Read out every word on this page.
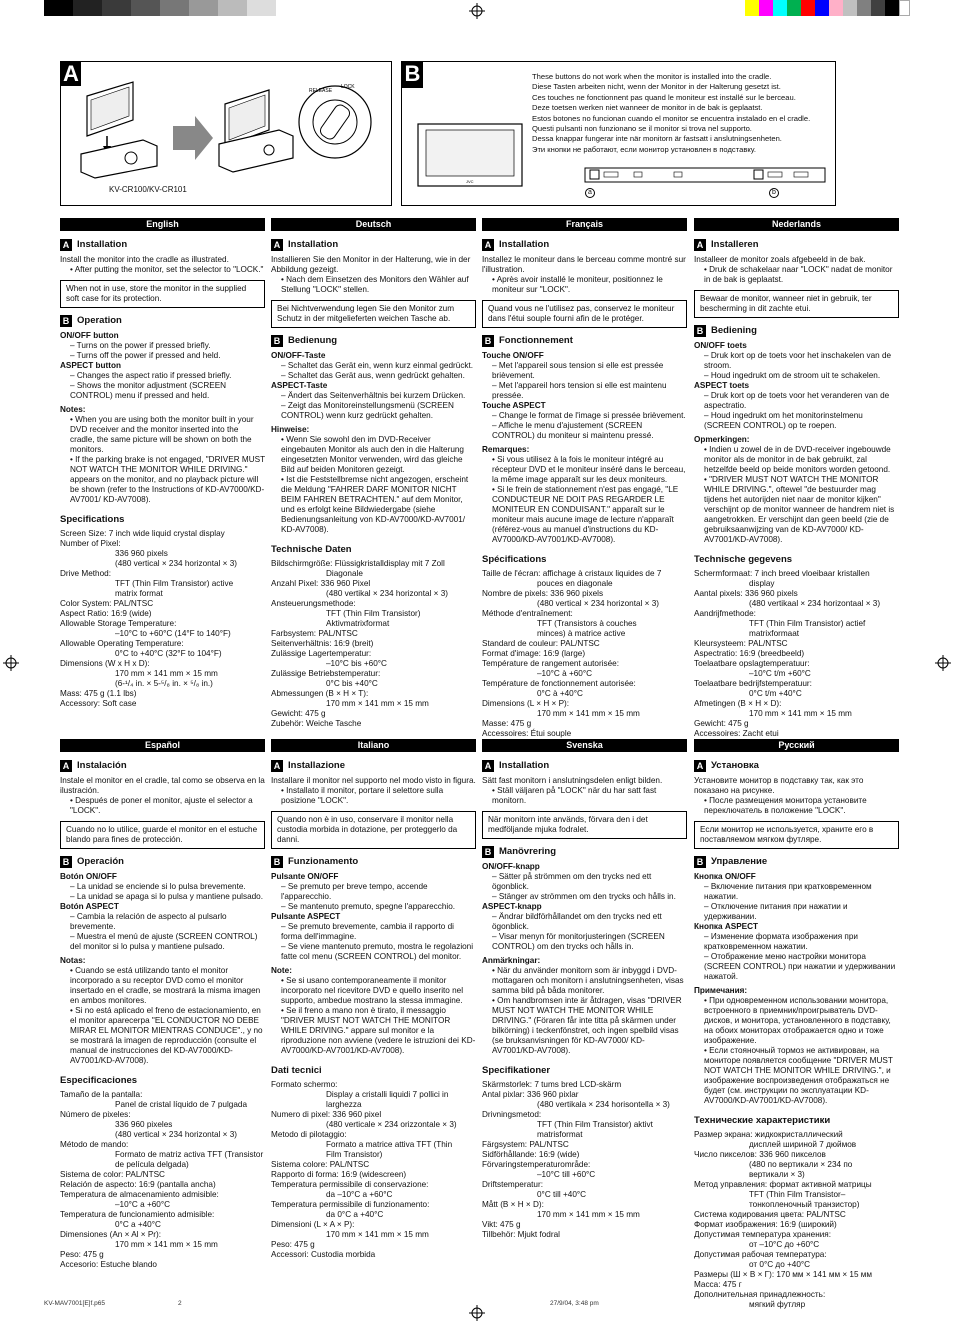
A
RELEASE
LOCK
KV-CR100/KV-CR101
B	These buttons do not work when the monitor is installed into the cradle.

Diese Tasten arbeiten nicht, wenn der Monitor in der Halterung gesetzt ist.

Ces touches ne fonctionnent pas quand le moniteur est installé sur le berceau.

Deze toetsen werken niet wanneer de monitor in de bak is geplaatst.

Estos botones no funcionan cuando el monitor se encuentra instalado en el cradle.

Questi pulsanti non funzionano se il monitor si trova nel supporto.

Dessa knappar fungerar inte när monitorn är fastsatt i anslutningsenheten.

Эти кнопки не работают, если монитор установлен в подставку.

JVC
a	b
English
A Installation

Install the monitor into the cradle as illustrated.

• After putting the monitor, set the selector to "LOCK."

When not in use, store the monitor in the supplied soft case for its protection.
B Operation

ON/OFF button

– Turns on the power if pressed briefly.

– Turns off the power if pressed and held.

ASPECT button

– Changes the aspect ratio if pressed briefly.

– Shows the monitor adjustment (SCREEN CONTROL) menu if pressed and held.

Notes:

• When you are using both the monitor built in your DVD receiver and the monitor inserted into the cradle, the same picture will be shown on both the monitors.

• If the parking brake is not engaged, "DRIVER MUST NOT WATCH THE MONITOR WHILE DRIVING." appears on the monitor, and no playback picture will be shown (refer to the Instructions of KD-AV7000/KD-AV7001/ KD-AV7008).

Specifications

Screen Size: 7 inch wide liquid crystal display

Number of Pixel:

336 960 pixels

(480 vertical × 234 horizontal × 3)

Drive Method:

TFT (Thin Film Transistor) active

matrix format

Color System: PAL/NTSC

Aspect Ratio: 16:9 (wide)

Allowable Storage Temperature:

–10°C to +60°C (14°F to 140°F)

Allowable Operating Temperature:

0°C to +40°C (32°F to 104°F)

Dimensions (W x H x D):

170 mm × 141 mm × 15 mm

(6-¹/₄ in. × 5-⁵/₈ in. × ⁵/₈ in.)

Mass: 475 g (1.1 lbs)

Accessory: Soft case

Deutsch
A Installation

Installieren Sie den Monitor in der Halterung, wie in der Abbildung gezeigt.

• Nach dem Einsetzen des Monitors den Wähler auf Stellung "LOCK" stellen.

Bei Nichtverwendung legen Sie den Monitor zum Schutz in der mitgelieferten weichen Tasche ab.
B Bedienung

ON/OFF-Taste

– Schaltet das Gerät ein, wenn kurz einmal gedrückt.

– Schaltet das Gerät aus, wenn gedrückt gehalten.

ASPECT-Taste

– Ändert das Seitenverhältnis bei kurzem Drücken.

– Zeigt das Monitoreinstellungsmenü (SCREEN CONTROL) wenn kurz gedrückt gehalten.

Hinweise:

• Wenn Sie sowohl den im DVD-Receiver eingebauten Monitor als auch den in die Halterung eingesetzten Monitor verwenden, wird das gleiche Bild auf beiden Monitoren gezeigt.

• Ist die Feststellbremse nicht angezogen, erscheint die Meldung "FAHRER DARF MONITOR NICHT BEIM FAHREN BETRACHTEN." auf dem Monitor, und es erfolgt keine Bildwiedergabe (siehe Bedienungsanleitung von KD-AV7000/KD-AV7001/ KD-AV7008).

Technische Daten

Bildschirmgröße: Flüssigkristalldisplay mit 7 Zoll

Diagonale

Anzahl Pixel: 336 960 Pixel

(480 vertikal × 234 horizontal × 3)

Ansteuerungsmethode:

TFT (Thin Film Transistor)

Aktivmatrixformat

Farbsystem: PAL/NTSC

Seitenverhältnis: 16:9 (breit)

Zulässige Lagertemperatur:

–10°C bis +60°C

Zulässige Betriebstemperatur:

0°C bis +40°C

Abmessungen (B × H × T):

170 mm × 141 mm × 15 mm

Gewicht: 475 g

Zubehör: Weiche Tasche

Français
A Installation

Installez le moniteur dans le berceau comme montré sur l'illustration.

• Après avoir installé le moniteur, positionnez le moniteur sur "LOCK".

Quand vous ne l'utilisez pas, conservez le moniteur dans l'étui souple fourni afin de le protéger.
B Fonctionnement

Touche ON/OFF

– Met l'appareil sous tension si elle est pressée brièvement.

– Met l'appareil hors tension si elle est maintenu pressée.

Touche ASPECT

– Change le format de l'image si pressée brièvement.

– Affiche le menu d'ajustement (SCREEN CONTROL) du moniteur si maintenu pressé.

Remarques:

• Si vous utilisez à la fois le moniteur intégré au récepteur DVD et le moniteur inséré dans le berceau, la même image apparaît sur les deux moniteurs.

• Si le frein de stationnement n'est pas engagé, "LE CONDUCTEUR NE DOIT PAS REGARDER LE MONITEUR EN CONDUISANT." apparaît sur le moniteur mais aucune image de lecture n'apparaît (référez-vous au manuel d'instructions du KD-AV7000/KD-AV7001/KD-AV7008).

Spécifications

Taille de l'écran: affichage à cristaux liquides de 7

pouces en diagonale

Nombre de pixels: 336 960 pixels

(480 vertical × 234 horizontal × 3)

Méthode d'entraînement:

TFT (Transistors à couches

minces) à matrice active

Standard de couleur: PAL/NTSC

Format d'image: 16:9 (large)

Température de rangement autorisée:

–10°C à +60°C

Température de fonctionnement autorisée:

0°C à +40°C

Dimensions (L × H × P):

170 mm × 141 mm × 15 mm

Masse: 475 g

Accessoires: Étui souple

Nederlands
A Installeren

Installeer de monitor zoals afgebeeld in de bak.

• Druk de schakelaar naar "LOCK" nadat de monitor in de bak is geplaatst.

Bewaar de monitor, wanneer niet in gebruik, ter bescherming in dit zachte etui.
B Bediening

ON/OFF toets

– Druk kort op de toets voor het inschakelen van de stroom.

– Houd ingedrukt om de stroom uit te schakelen.

ASPECT toets

– Druk kort op de toets voor het veranderen van de aspectratio.

– Houd ingedrukt om het monitorinstelmenu (SCREEN CONTROL) op te roepen.

Opmerkingen:

• Indien u zowel de in de DVD-receiver ingebouwde monitor als de monitor in de bak gebruikt, zal hetzelfde beeld op beide monitors worden getoond.

• "DRIVER MUST NOT WATCH THE MONITOR WHILE DRIVING.", oftewel "de bestuurder mag tijdens het autorijden niet naar de monitor kijken" verschijnt op de monitor wanneer de handrem niet is aangetrokken. Er verschijnt dan geen beeld (zie de gebruiksaanwijzing van de KD-AV7000/ KD-AV7001/KD-AV7008).

Technische gegevens

Schermformaat: 7 inch breed vloeibaar kristallen

display

Aantal pixels: 336 960 pixels

(480 vertikaal × 234 horizontaal × 3)

Aandrijfmethode:

TFT (Thin Film Transistor) actief

matrixformaat

Kleursysteem: PAL/NTSC

Aspectratio: 16:9 (breedbeeld)

Toelaatbare opslagtemperatuur:

–10°C t/m +60°C

Toelaatbare bedrijfstemperatuur:

0°C t/m +40°C

Afmetingen (B × H × D):

170 mm × 141 mm × 15 mm

Gewicht: 475 g

Accessoires: Zacht etui

Español
A Instalación

Instale el monitor en el cradle, tal como se observa en la ilustración.

• Después de poner el monitor, ajuste el selector a "LOCK".

Cuando no lo utilice, guarde el monitor en el estuche blando para fines de protección.
B Operación

Botón ON/OFF

– La unidad se enciende si lo pulsa brevemente.

– La unidad se apaga si lo pulsa y mantiene pulsado.

Botón ASPECT

– Cambia la relación de aspecto al pulsarlo brevemente.

– Muestra el menú de ajuste (SCREEN CONTROL) del monitor si lo pulsa y mantiene pulsado.

Notas:

• Cuando se está utilizando tanto el monitor incorporado a su receptor DVD como el monitor insertado en el cradle, se mostrará la misma imagen en ambos monitores.

• Si no está aplicado el freno de estacionamiento, en el monitor aparecerpa "EL CONDUCTOR NO DEBE MIRAR EL MONITOR MIENTRAS CONDUCE"., y no se mostrará la imagen de reproducción (consulte el manual de instrucciones del KD-AV7000/KD-AV7001/KD-AV7008).

Especificaciones

Tamaño de la pantalla:

Panel de cristal líquido de 7 pulgada

Número de pixeles:

336 960 pixeles

(480 vertical × 234 horizontal × 3)

Método de mando:

Formato de matriz activa TFT (Transistor

de película delgada)

Sistema de color: PAL/NTSC

Relación de aspecto: 16:9 (pantalla ancha)

Temperatura de almacenamiento admisible:

–10°C a +60°C

Temperatura de funcionamiento admisible:

0°C a +40°C

Dimensiones (An × Al × Pr):

170 mm × 141 mm × 15 mm

Peso: 475 g

Accesorio: Estuche blando

Italiano
A Installazione

Installare il monitor nel supporto nel modo visto in figura.

• Installato il monitor, portare il selettore sulla posizione "LOCK".

Quando non è in uso, conservare il monitor nella custodia morbida in dotazione, per proteggerlo da danni.
B Funzionamento

Pulsante ON/OFF

– Se premuto per breve tempo, accende l'apparecchio.

– Se mantenuto premuto, spegne l'apparecchio.

Pulsante ASPECT

– Se premuto brevemente, cambia il rapporto di forma dell'immagine.

– Se viene mantenuto premuto, mostra le regolazioni fatte col menu (SCREEN CONTROL) del monitor.

Note:

• Se si usano contemporaneamente il monitor incorporato nel ricevitore DVD e quello inserito nel supporto, ambedue mostrano la stessa immagine.

• Se il freno a mano non è tirato, il messaggio "DRIVER MUST NOT WATCH THE MONITOR WHILE DRIVING." appare sul monitor e la riproduzione non avviene (vedere le istruzioni dei KD-AV7000/KD-AV7001/KD-AV7008).

Dati tecnici

Formato schermo:

Display a cristalli liquidi 7 pollici in

larghezza

Numero di pixel: 336 960 pixel

(480 verticale × 234 orizzontale × 3)

Metodo di pilotaggio:

Formato a matrice attiva TFT (Thin

Film Transistor)

Sistema colore: PAL/NTSC

Rapporto di forma: 16:9 (widescreen)

Temperatura permissibile di conservazione:

da –10°C a +60°C

Temperatura permissibile di funzionamento:

da 0°C a +40°C

Dimensioni (L × A × P):

170 mm × 141 mm × 15 mm

Peso: 475 g

Accessori: Custodia morbida

Svenska
A Installation

Sätt fast monitorn i anslutningsdelen enligt bilden.

• Ställ väljaren på "LOCK" när du har satt fast monitorn.

När monitorn inte används, förvara den i det medföljande mjuka fodralet.
B Manövrering

ON/OFF-knapp

– Sätter på strömmen om den trycks ned ett ögonblick.

– Stänger av strömmen om den trycks och hålls in.

ASPECT-knapp

– Ändrar bildförhållandet om den trycks ned ett ögonblick.

– Visar menyn för monitorjusteringen (SCREEN CONTROL) om den trycks och hålls in.

Anmärkningar:

• När du använder monitorn som är inbyggd i DVD-mottagaren och monitorn i anslutningsenheten, visas samma bild på båda monitorer.

• Om handbromsen inte är åtdragen, visas "DRIVER MUST NOT WATCH THE MONITOR WHILE DRIVING." (Föraren får inte titta på skärmen under bilkörning) i teckenfönstret, och ingen spelbild visas (se bruksanvisningen för KD-AV7000/ KD-AV7001/KD-AV7008).

Specifikationer

Skärmstorlek: 7 tums bred LCD-skärm

Antal pixlar: 336 960 pixlar

(480 vertikala × 234 horisontella × 3)

Drivningsmetod:

TFT (Thin Film Transistor) aktivt

matrisformat

Färgsystem: PAL/NTSC

Sidförhållande: 16:9 (wide)

Förvaringstemperaturområde:

–10°C till +60°C

Driftstemperatur:

0°C till +40°C

Mått (B × H × D):

170 mm × 141 mm × 15 mm

Vikt: 475 g

Tillbehör: Mjukt fodral

Русский
A Установка

Установите монитор в подставку так, как это показано на рисунке.

• После размещения монитора установите переключатель в положение "LOCK".

Если монитор не используется, храните его в поставляемом мягком футляре.
B Управление

Кнопка ON/OFF

– Включение питания при кратковременном нажатии.

– Отключение питания при нажатии и удерживании.

Кнопка ASPECT

– Изменение формата изображения при кратковременном нажатии.

– Отображение меню настройки монитора (SCREEN CONTROL) при нажатии и удерживании нажатой.

Примечания:

• При одновременном использовании монитора, встроенного в приемник/проигрыватель DVD-дисков, и монитора, установленного в подставку, на обоих мониторах отображается одно и тоже изображение.

• Если стояночный тормоз не активирован, на мониторе появляется сообщение "DRIVER MUST NOT WATCH THE MONITOR WHILE DRIVING.", и изображение воспроизведения отображаться не будет (см. инструкции по эксплуатации KD-AV7000/KD-AV7001/KD-AV7008).

Технические характеристики

Размер экрана: жидкокристаллический

дисплей шириной 7 дюймов

Число пикселов: 336 960 пикселов

(480 по вертикали × 234 по

вертикали × 3)

Метод управления: формат активной матрицы

TFT (Thin Film Transistor–

тонкопленочный транзистор)

Система кодирования цвета: PAL/NTSC

Формат изображения: 16:9 (широкий)

Допустимая температура хранения:

от –10°C до +60°C

Допустимая рабочая температура:

от 0°C до +40°C

Размеры (Ш × В × Г): 170 мм × 141 мм × 15 мм

Масса: 475 г

Дополнительная принадлежность:

мягкий футляр

KV-MAV7001[E]f.p65	2	27/9/04, 3:48 pm
